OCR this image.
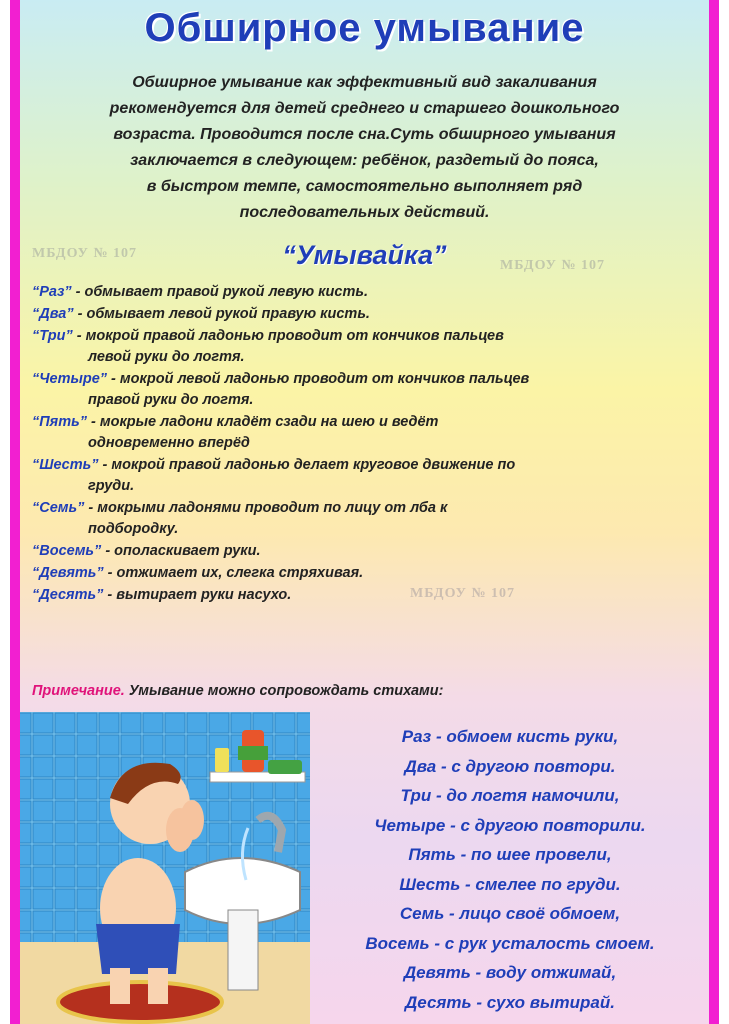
Обширное умывание
Обширное умывание как эффективный вид закаливания
рекомендуется для детей среднего и старшего дошкольного
возраста. Проводится после сна.Суть обширного умывания
заключается в следующем: ребёнок, раздетый до пояса,
в быстром темпе, самостоятельно выполняет ряд
последовательных действий.
МБДОУ № 107
МБДОУ № 107
МБДОУ № 107
“Умывайка”
“Раз” - обмывает правой рукой левую кисть.
“Два” - обмывает левой рукой правую кисть.
“Три” - мокрой правой ладонью проводит от кончиков пальцев
левой руки до логтя.
“Четыре” - мокрой левой ладонью проводит от кончиков пальцев
правой руки до логтя.
“Пять” - мокрые ладони кладёт сзади на шею и ведёт
одновременно вперёд
“Шесть” - мокрой правой ладонью делает круговое движение по
груди.
“Семь” - мокрыми ладонями проводит по лицу от лба к
подбородку.
“Восемь” - ополаскивает руки.
“Девять” - отжимает их, слегка стряхивая.
“Десять” - вытирает руки насухо.
Примечание. Умывание можно сопровождать стихами:
Раз - обмоем кисть руки,
Два - с другою повтори.
Три - до логтя намочили,
Четыре - с другою повторили.
Пять - по шее провели,
Шесть - смелее по груди.
Семь - лицо своё обмоем,
Восемь - с рук усталость смоем.
Девять - воду отжимай,
Десять - сухо вытирай.
